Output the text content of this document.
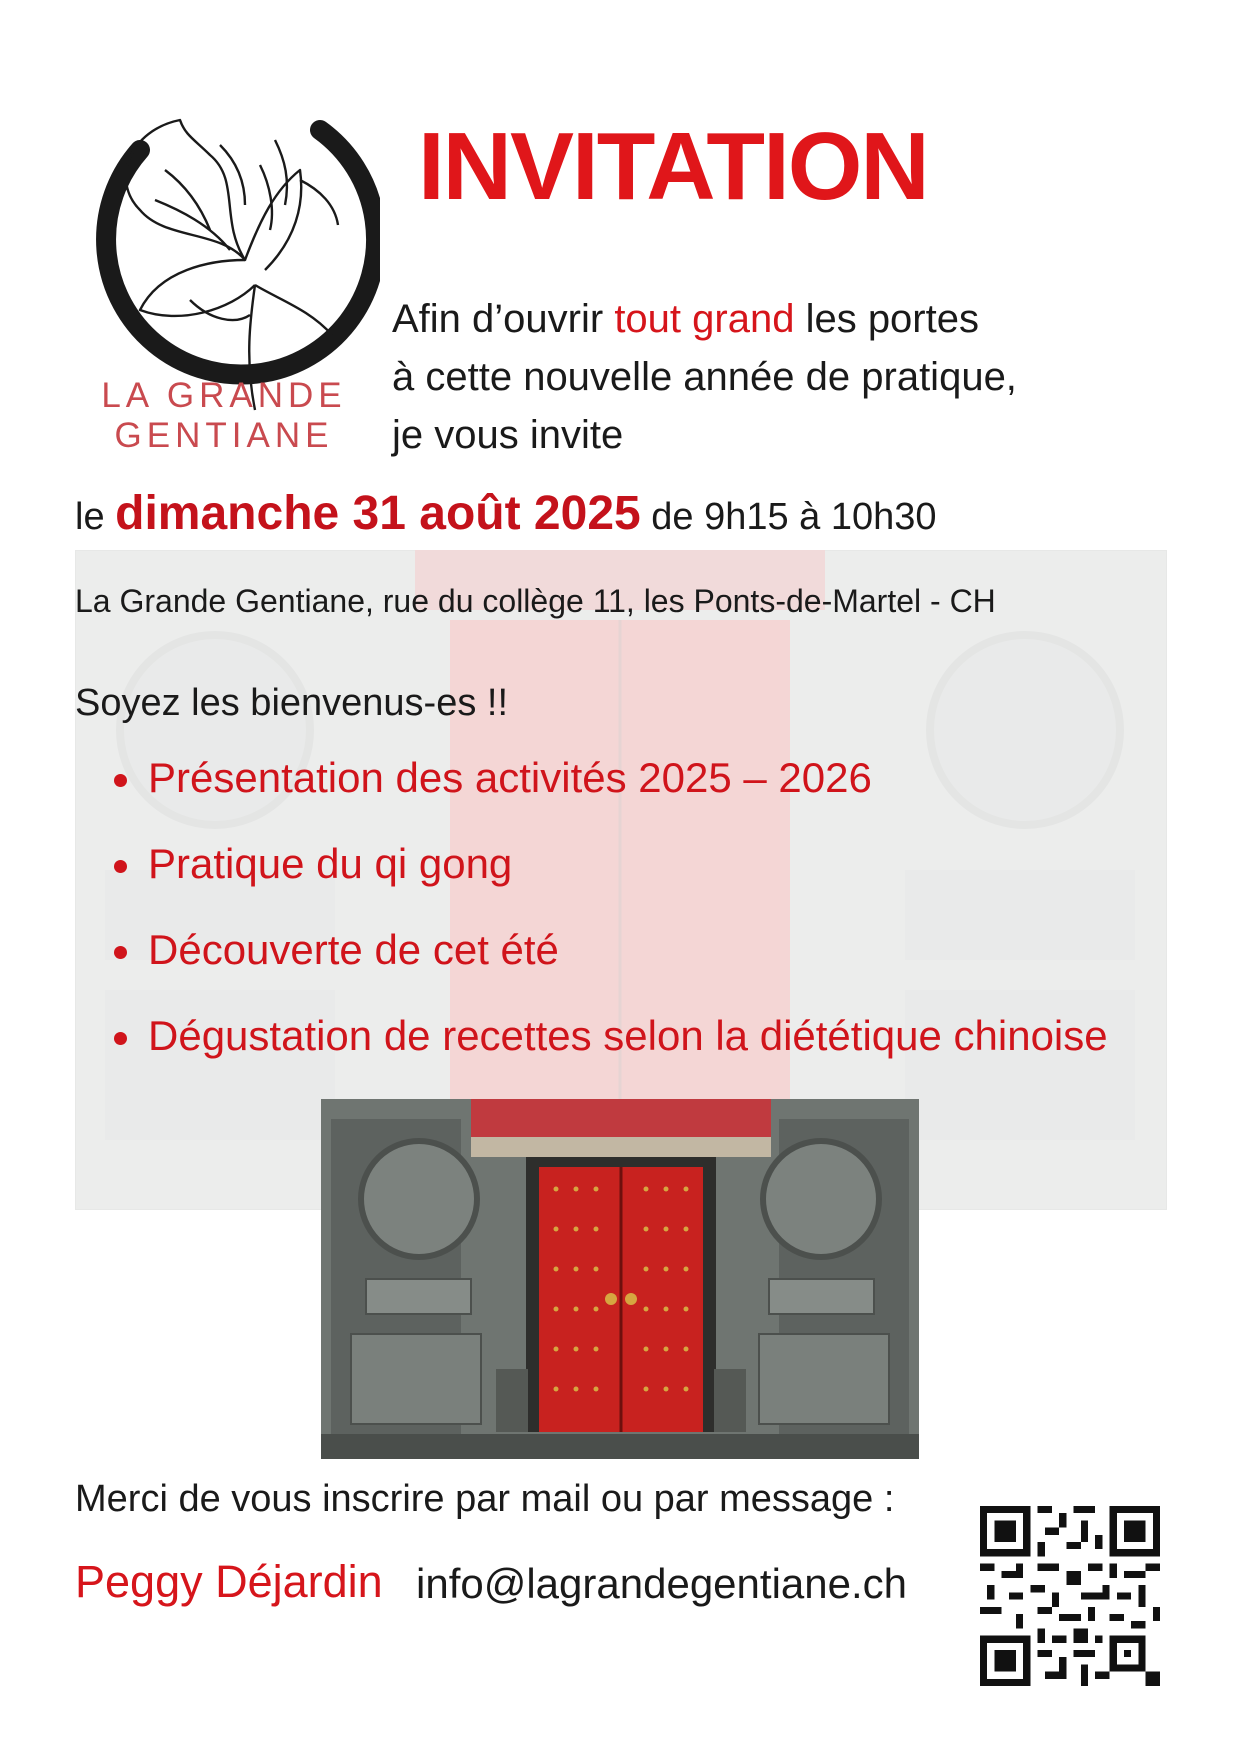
LA GRANDE
GENTIANE
INVITATION
Afin d’ouvrir tout grand les portes
à cette nouvelle année de pratique,
je vous invite
le dimanche 31 août 2025 de 9h15 à 10h30
La Grande Gentiane, rue du collège 11, les Ponts-de-Martel - CH
Soyez les bienvenus-es !!
Présentation des activités 2025 – 2026
Pratique du qi gong
Découverte de cet été
Dégustation de recettes selon la diététique chinoise
Merci de vous inscrire par mail ou par message :
Peggy Déjardin info@lagrandegentiane.ch
